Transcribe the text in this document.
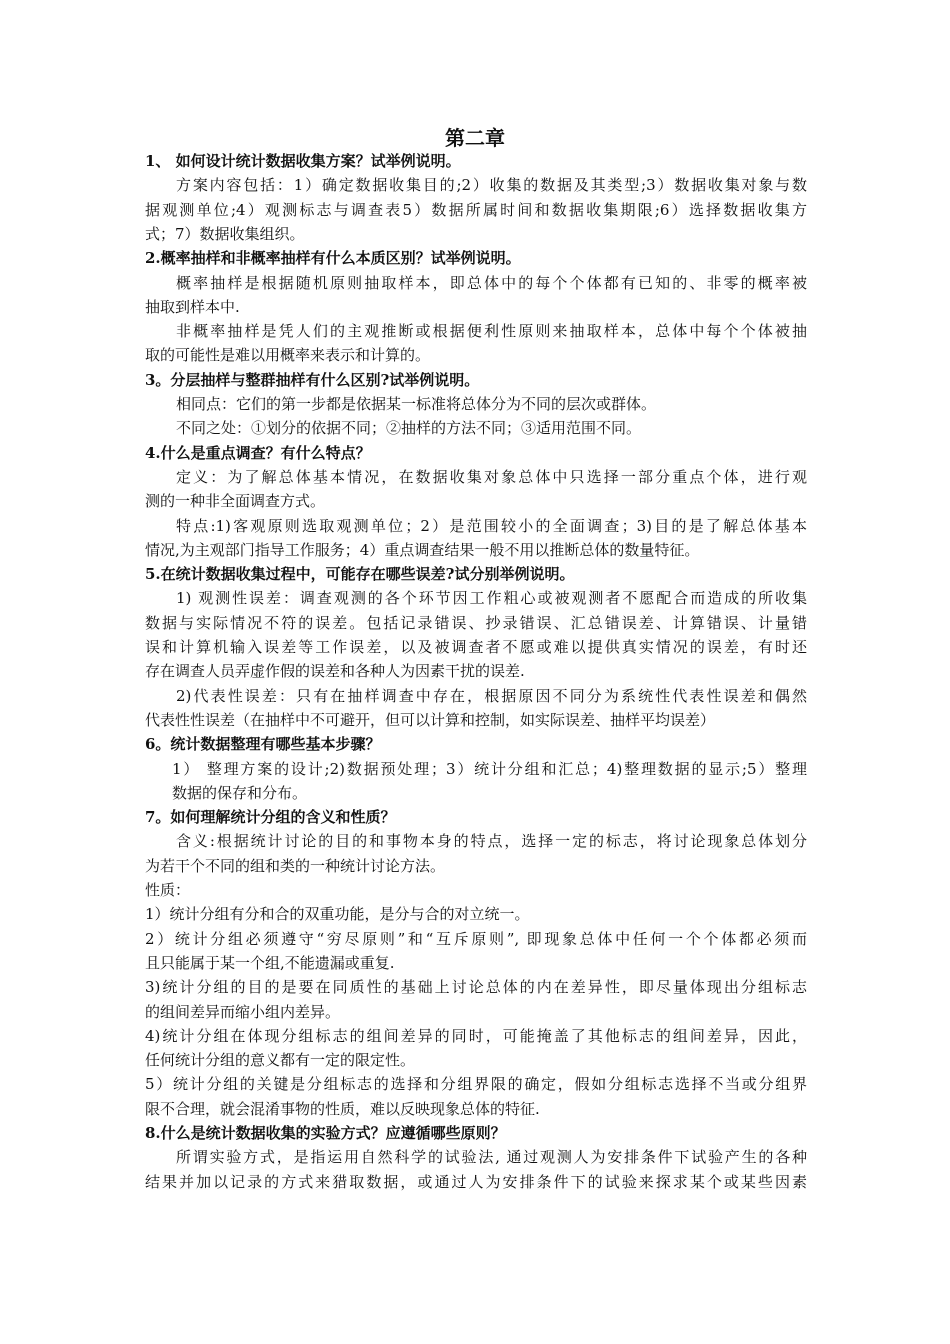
第二章
1、 如何设计统计数据收集方案？试举例说明。
方案内容包括：1）确定数据收集目的;2）收集的数据及其类型;3）数据收集对象与数
据观测单位;4）观测标志与调查表5）数据所属时间和数据收集期限;6）选择数据收集方
式；7）数据收集组织。
2.概率抽样和非概率抽样有什么本质区别？试举例说明。
概率抽样是根据随机原则抽取样本，即总体中的每个个体都有已知的、非零的概率被
抽取到样本中.
非概率抽样是凭人们的主观推断或根据便利性原则来抽取样本，总体中每个个体被抽
取的可能性是难以用概率来表示和计算的。
3。分层抽样与整群抽样有什么区别?试举例说明。
相同点：它们的第一步都是依据某一标准将总体分为不同的层次或群体。
不同之处：①划分的依据不同；②抽样的方法不同；③适用范围不同。
4.什么是重点调查？有什么特点？
定义：为了解总体基本情况，在数据收集对象总体中只选择一部分重点个体，进行观
测的一种非全面调查方式。
特点:1)客观原则选取观测单位；2）是范围较小的全面调查；3)目的是了解总体基本
情况,为主观部门指导工作服务；4）重点调查结果一般不用以推断总体的数量特征。
5.在统计数据收集过程中，可能存在哪些误差?试分别举例说明。
1) 观测性误差：调查观测的各个环节因工作粗心或被观测者不愿配合而造成的所收集
数据与实际情况不符的误差。包括记录错误、抄录错误、汇总错误差、计算错误、计量错
误和计算机输入误差等工作误差，以及被调查者不愿或难以提供真实情况的误差，有时还
存在调查人员弄虚作假的误差和各种人为因素干扰的误差.
2)代表性误差：只有在抽样调查中存在，根据原因不同分为系统性代表性误差和偶然
代表性性误差（在抽样中不可避开，但可以计算和控制，如实际误差、抽样平均误差）
6。统计数据整理有哪些基本步骤？
1） 整理方案的设计;2)数据预处理；3）统计分组和汇总；4)整理数据的显示;5）整理
数据的保存和分布。
7。如何理解统计分组的含义和性质？
含义:根据统计讨论的目的和事物本身的特点，选择一定的标志，将讨论现象总体划分
为若干个不同的组和类的一种统计讨论方法。
性质：
1）统计分组有分和合的双重功能，是分与合的对立统一。
2）统计分组必须遵守“穷尽原则”和“互斥原则”, 即现象总体中任何一个个体都必须而
且只能属于某一个组,不能遗漏或重复.
3)统计分组的目的是要在同质性的基础上讨论总体的内在差异性，即尽量体现出分组标志
的组间差异而缩小组内差异。
4)统计分组在体现分组标志的组间差异的同时，可能掩盖了其他标志的组间差异，因此，
任何统计分组的意义都有一定的限定性。
5）统计分组的关键是分组标志的选择和分组界限的确定，假如分组标志选择不当或分组界
限不合理，就会混淆事物的性质，难以反映现象总体的特征.
8.什么是统计数据收集的实验方式？应遵循哪些原则？
所谓实验方式，是指运用自然科学的试验法, 通过观测人为安排条件下试验产生的各种
结果并加以记录的方式来猎取数据，或通过人为安排条件下的试验来探求某个或某些因素
